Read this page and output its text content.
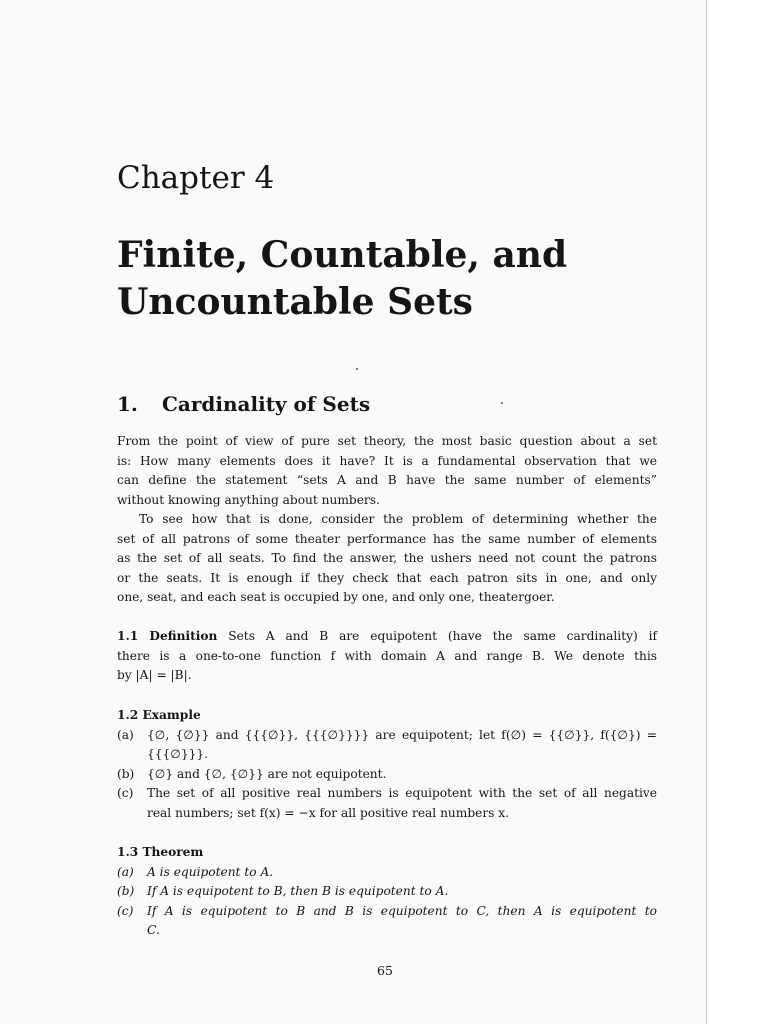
Chapter 4
Finite, Countable, and
Uncountable Sets
1. Cardinality of Sets
From the point of view of pure set theory, the most basic question about a set
is: How many elements does it have? It is a fundamental observation that we
can define the statement “sets A and B have the same number of elements”
without knowing anything about numbers.
To see how that is done, consider the problem of determining whether the
set of all patrons of some theater performance has the same number of elements
as the set of all seats. To find the answer, the ushers need not count the patrons
or the seats. It is enough if they check that each patron sits in one, and only
one, seat, and each seat is occupied by one, and only one, theatergoer.
1.1 Definition Sets A and B are equipotent (have the same cardinality) if
there is a one-to-one function f with domain A and range B. We denote this
by |A| = |B|.
1.2 Example
(a) {∅, {∅}} and {{{∅}}, {{{∅}}}} are equipotent; let f(∅) = {{∅}}, f({∅}) =
{{{∅}}}.
(b) {∅} and {∅, {∅}} are not equipotent.
(c) The set of all positive real numbers is equipotent with the set of all negative
real numbers; set f(x) = −x for all positive real numbers x.
1.3 Theorem
(a) A is equipotent to A.
(b) If A is equipotent to B, then B is equipotent to A.
(c) If A is equipotent to B and B is equipotent to C, then A is equipotent to
C.
65
